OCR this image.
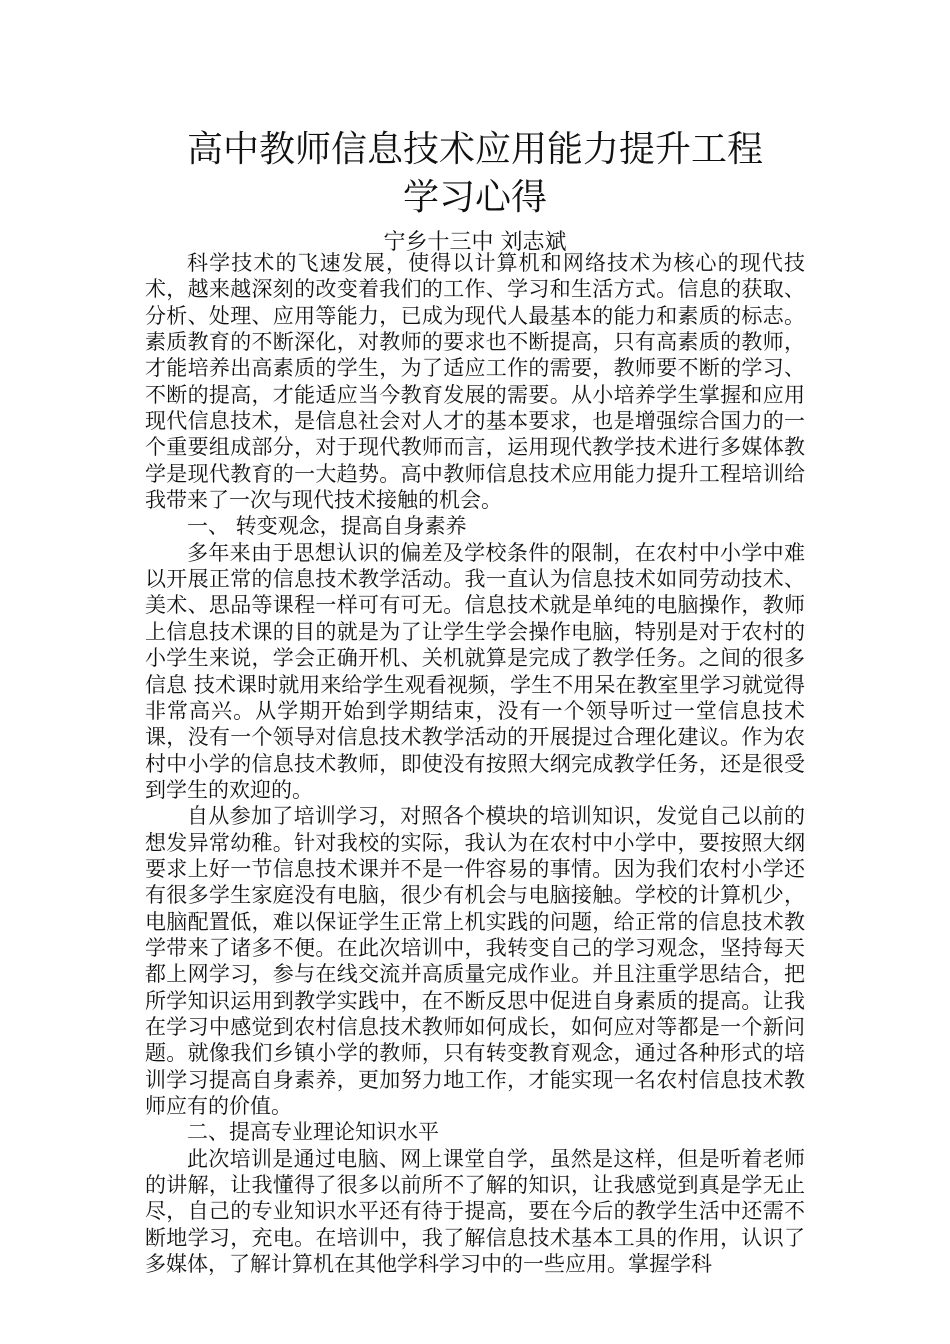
高中教师信息技术应用能力提升工程
学习心得
宁乡十三中 刘志斌

科学技术的飞速发展，使得以计算机和网络技术为核心的现代技术，越来越深刻的改变着我们的工作、学习和生活方式。信息的获取、分析、处理、应用等能力，已成为现代人最基本的能力和素质的标志。素质教育的不断深化，对教师的要求也不断提高，只有高素质的教师，才能培养出高素质的学生，为了适应工作的需要，教师要不断的学习、不断的提高，才能适应当今教育发展的需要。从小培养学生掌握和应用现代信息技术，是信息社会对人才的基本要求，也是增强综合国力的一个重要组成部分，对于现代教师而言，运用现代教学技术进行多媒体教学是现代教育的一大趋势。高中教师信息技术应用能力提升工程培训给我带来了一次与现代技术接触的机会。

一、 转变观念，提高自身素养

多年来由于思想认识的偏差及学校条件的限制，在农村中小学中难以开展正常的信息技术教学活动。我一直认为信息技术如同劳动技术、美术、思品等课程一样可有可无。信息技术就是单纯的电脑操作，教师上信息技术课的目的就是为了让学生学会操作电脑，特别是对于农村的小学生来说，学会正确开机、关机就算是完成了教学任务。之间的很多信息 技术课时就用来给学生观看视频，学生不用呆在教室里学习就觉得非常高兴。从学期开始到学期结束，没有一个领导听过一堂信息技术课，没有一个领导对信息技术教学活动的开展提过合理化建议。作为农村中小学的信息技术教师，即使没有按照大纲完成教学任务，还是很受到学生的欢迎的。

自从参加了培训学习，对照各个模块的培训知识，发觉自己以前的想发异常幼稚。针对我校的实际，我认为在农村中小学中，要按照大纲要求上好一节信息技术课并不是一件容易的事情。因为我们农村小学还有很多学生家庭没有电脑，很少有机会与电脑接触。学校的计算机少，电脑配置低，难以保证学生正常上机实践的问题，给正常的信息技术教学带来了诸多不便。在此次培训中，我转变自己的学习观念，坚持每天都上网学习，参与在线交流并高质量完成作业。并且注重学思结合，把所学知识运用到教学实践中，在不断反思中促进自身素质的提高。让我在学习中感觉到农村信息技术教师如何成长，如何应对等都是一个新问题。就像我们乡镇小学的教师，只有转变教育观念，通过各种形式的培训学习提高自身素养，更加努力地工作，才能实现一名农村信息技术教师应有的价值。

二、提高专业理论知识水平

此次培训是通过电脑、网上课堂自学，虽然是这样，但是听着老师的讲解，让我懂得了很多以前所不了解的知识，让我感觉到真是学无止尽，自己的专业知识水平还有待于提高，要在今后的教学生活中还需不断地学习，充电。在培训中，我了解信息技术基本工具的作用，认识了多媒体，了解计算机在其他学科学习中的一些应用。掌握学科
